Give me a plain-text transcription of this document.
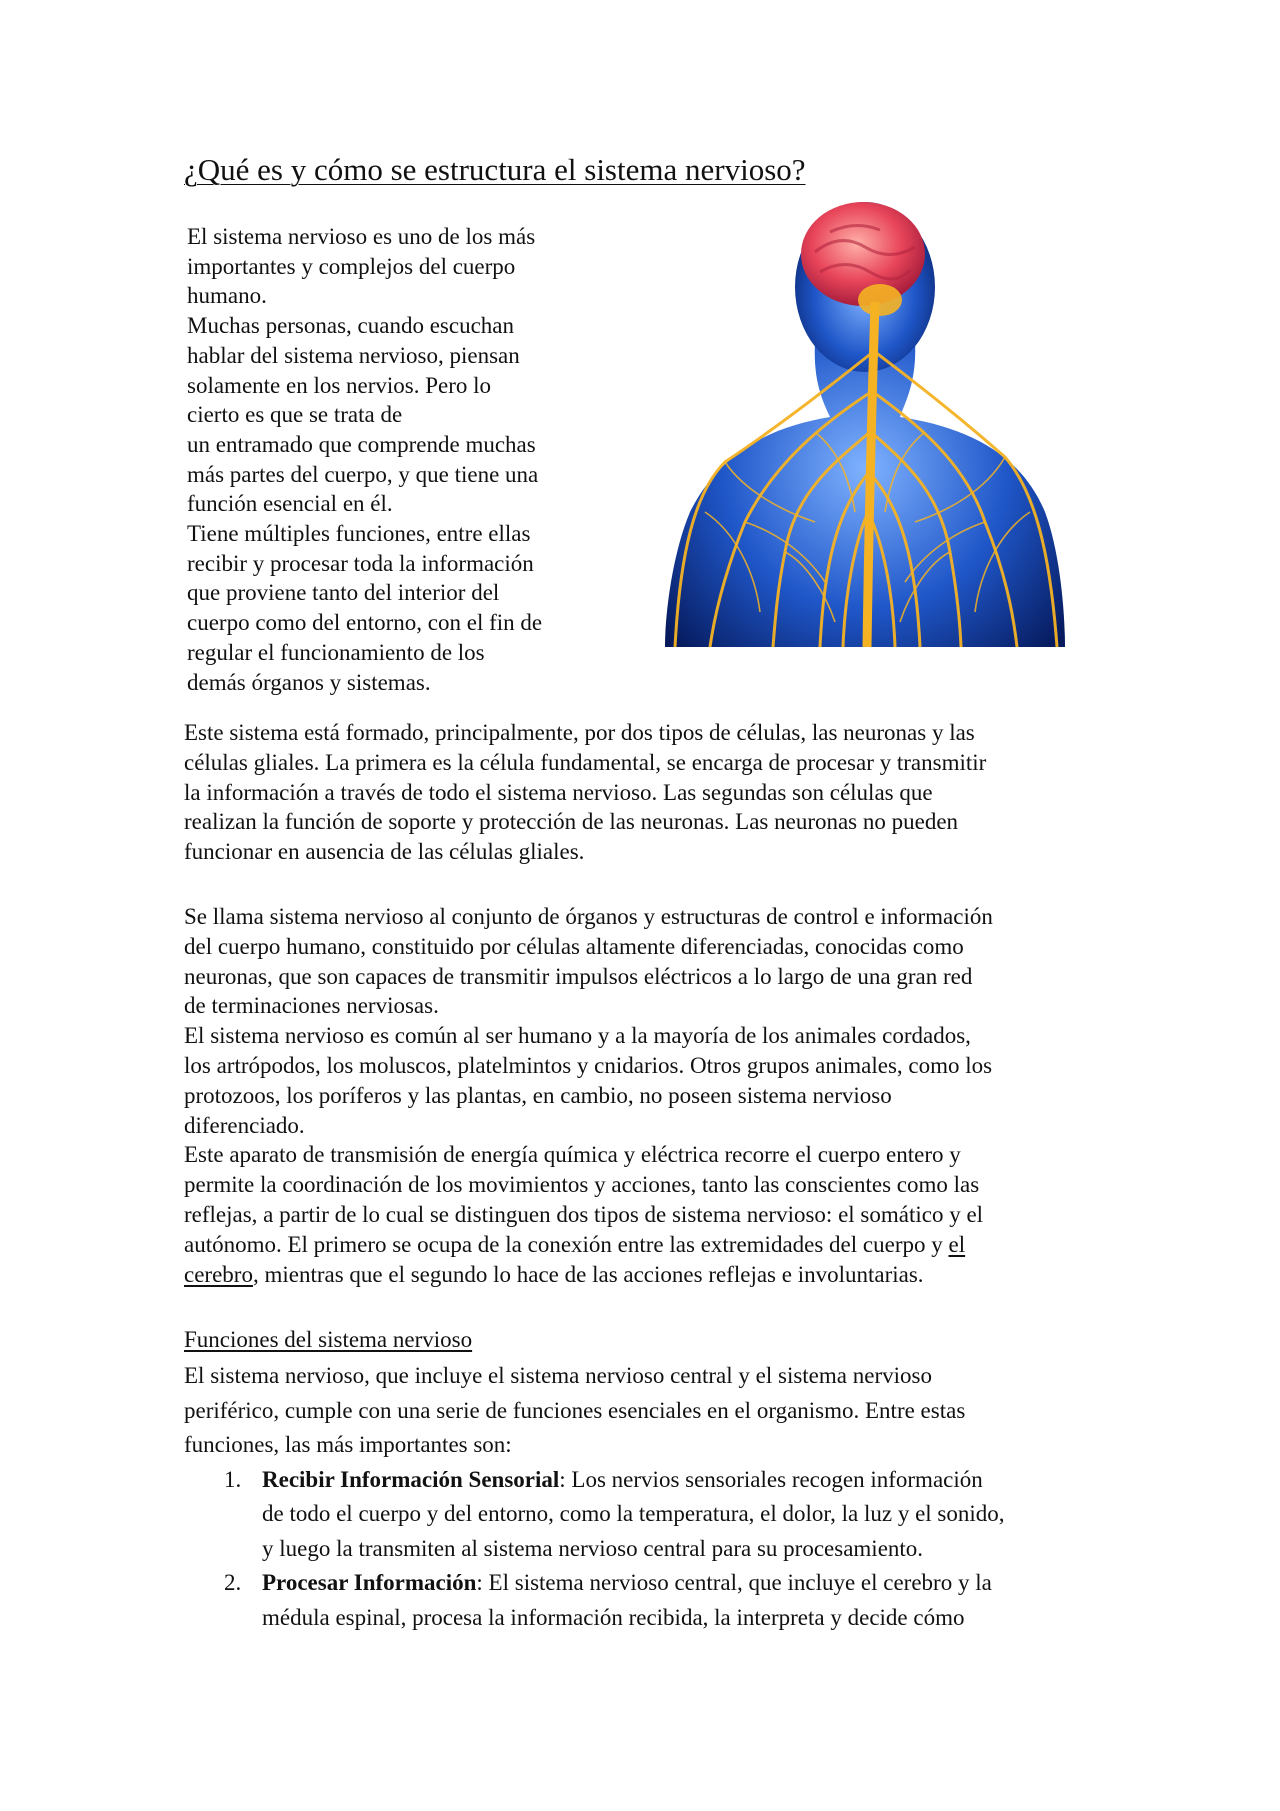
¿Qué es y cómo se estructura el sistema nervioso?

El sistema nervioso es uno de los más

importantes y complejos del cuerpo

humano.

Muchas personas, cuando escuchan

hablar del sistema nervioso, piensan

solamente en los nervios. Pero lo

cierto es que se trata de

un entramado que comprende muchas

más partes del cuerpo, y que tiene una

función esencial en él.

Tiene múltiples funciones, entre ellas

recibir y procesar toda la información

que proviene tanto del interior del

cuerpo como del entorno, con el fin de

regular el funcionamiento de los

demás órganos y sistemas.

Este sistema está formado, principalmente, por dos tipos de células, las neuronas y las

células gliales. La primera es la célula fundamental, se encarga de procesar y transmitir

la información a través de todo el sistema nervioso. Las segundas son células que

realizan la función de soporte y protección de las neuronas. Las neuronas no pueden

funcionar en ausencia de las células gliales.

Se llama sistema nervioso al conjunto de órganos y estructuras de control e información

del cuerpo humano, constituido por células altamente diferenciadas, conocidas como

neuronas, que son capaces de transmitir impulsos eléctricos a lo largo de una gran red

de terminaciones nerviosas.

El sistema nervioso es común al ser humano y a la mayoría de los animales cordados,

los artrópodos, los moluscos, platelmintos y cnidarios. Otros grupos animales, como los

protozoos, los poríferos y las plantas, en cambio, no poseen sistema nervioso

diferenciado.

Este aparato de transmisión de energía química y eléctrica recorre el cuerpo entero y

permite la coordinación de los movimientos y acciones, tanto las conscientes como las

reflejas, a partir de lo cual se distinguen dos tipos de sistema nervioso: el somático y el

autónomo. El primero se ocupa de la conexión entre las extremidades del cuerpo y el

cerebro, mientras que el segundo lo hace de las acciones reflejas e involuntarias.

Funciones del sistema nervioso

El sistema nervioso, que incluye el sistema nervioso central y el sistema nervioso
periférico, cumple con una serie de funciones esenciales en el organismo. Entre estas
funciones, las más importantes son:

1. Recibir Información Sensorial: Los nervios sensoriales recogen información
de todo el cuerpo y del entorno, como la temperatura, el dolor, la luz y el sonido,
y luego la transmiten al sistema nervioso central para su procesamiento.
2. Procesar Información: El sistema nervioso central, que incluye el cerebro y la
médula espinal, procesa la información recibida, la interpreta y decide cómo
